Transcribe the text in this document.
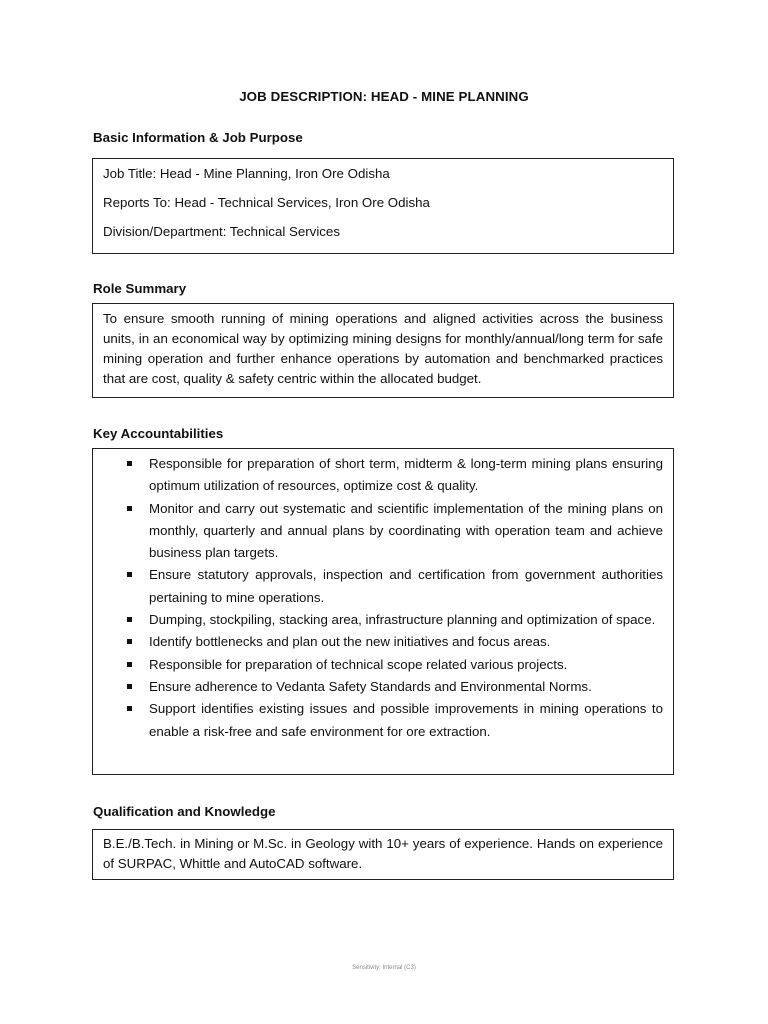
JOB DESCRIPTION: HEAD - MINE PLANNING
Basic Information & Job Purpose
Job Title: Head - Mine Planning, Iron Ore Odisha
Reports To: Head - Technical Services, Iron Ore Odisha
Division/Department: Technical Services
Role Summary
To ensure smooth running of mining operations and aligned activities across the business units, in an economical way by optimizing mining designs for monthly/annual/long term for safe mining operation and further enhance operations by automation and benchmarked practices that are cost, quality & safety centric within the allocated budget.
Key Accountabilities
Responsible for preparation of short term, midterm & long-term mining plans ensuring optimum utilization of resources, optimize cost & quality.
Monitor and carry out systematic and scientific implementation of the mining plans on monthly, quarterly and annual plans by coordinating with operation team and achieve business plan targets.
Ensure statutory approvals, inspection and certification from government authorities pertaining to mine operations.
Dumping, stockpiling, stacking area, infrastructure planning and optimization of space.
Identify bottlenecks and plan out the new initiatives and focus areas.
Responsible for preparation of technical scope related various projects.
Ensure adherence to Vedanta Safety Standards and Environmental Norms.
Support identifies existing issues and possible improvements in mining operations to enable a risk-free and safe environment for ore extraction.
Qualification and Knowledge
B.E./B.Tech. in Mining or M.Sc. in Geology with 10+ years of experience. Hands on experience of SURPAC, Whittle and AutoCAD software.
Sensitivity: Internal (C3)
